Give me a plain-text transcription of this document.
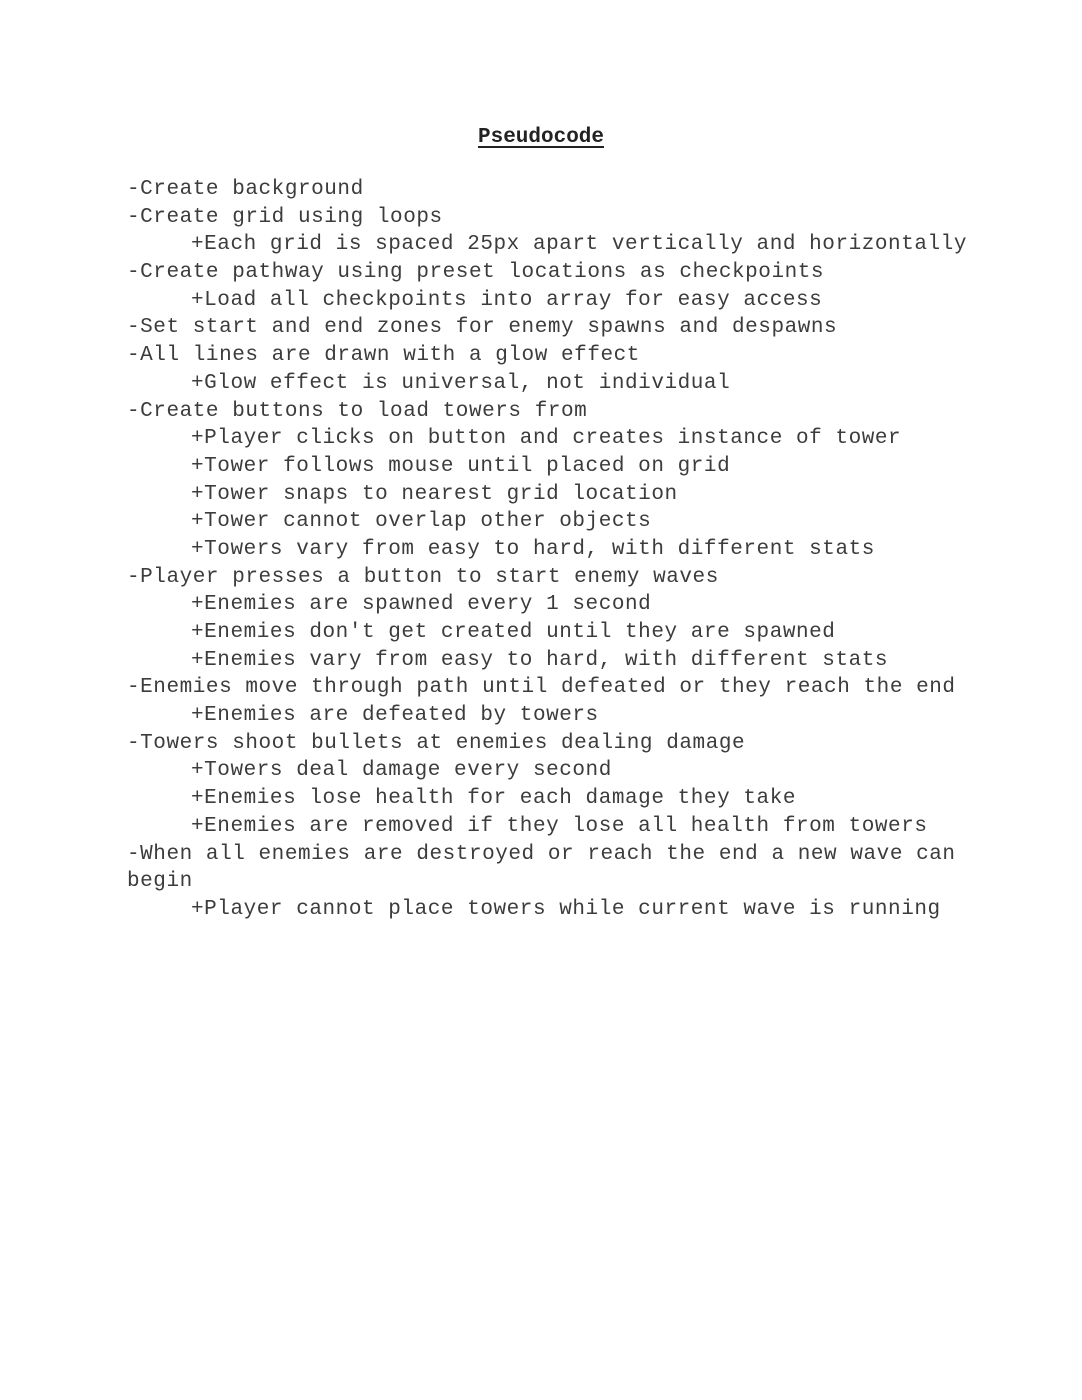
Pseudocode
-Create background
-Create grid using loops
+Each grid is spaced 25px apart vertically and horizontally
-Create pathway using preset locations as checkpoints
+Load all checkpoints into array for easy access
-Set start and end zones for enemy spawns and despawns
-All lines are drawn with a glow effect
+Glow effect is universal, not individual
-Create buttons to load towers from
+Player clicks on button and creates instance of tower
+Tower follows mouse until placed on grid
+Tower snaps to nearest grid location
+Tower cannot overlap other objects
+Towers vary from easy to hard, with different stats
-Player presses a button to start enemy waves
+Enemies are spawned every 1 second
+Enemies don't get created until they are spawned
+Enemies vary from easy to hard, with different stats
-Enemies move through path until defeated or they reach the end
+Enemies are defeated by towers
-Towers shoot bullets at enemies dealing damage
+Towers deal damage every second
+Enemies lose health for each damage they take
+Enemies are removed if they lose all health from towers
-When all enemies are destroyed or reach the end a new wave can
begin
+Player cannot place towers while current wave is running
